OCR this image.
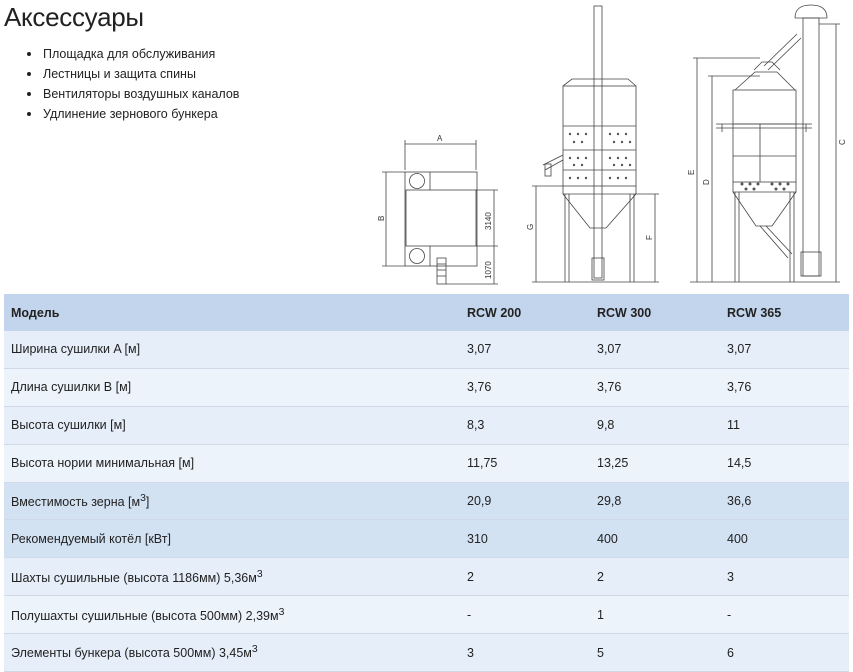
Аксессуары
Площадка для обслуживания
Лестницы и защита спины
Вентиляторы воздушных каналов
Удлинение зернового бункера
A
B	3140
1070
G
F
E
D
C
Модель	RCW 200	RCW 300	RCW 365
Ширина сушилки A [м]	3,07	3,07	3,07
Длина сушилки B [м]	3,76	3,76	3,76
Высота сушилки [м]	8,3	9,8	11
Высота нории минимальная [м]	11,75	13,25	14,5
Вместимость зерна $[м^3]$	20,9	29,8	36,6
Рекомендуемый котёл [кВт]	310	400	400
Шахты сушильные (высота 1186мм) $5,36м^3$	2	2	3
Полушахты сушильные (высота 500мм) $2,39м^3$	-	1	-
Элементы бункера (высота 500мм) $3,45м^3$	3	5	6
